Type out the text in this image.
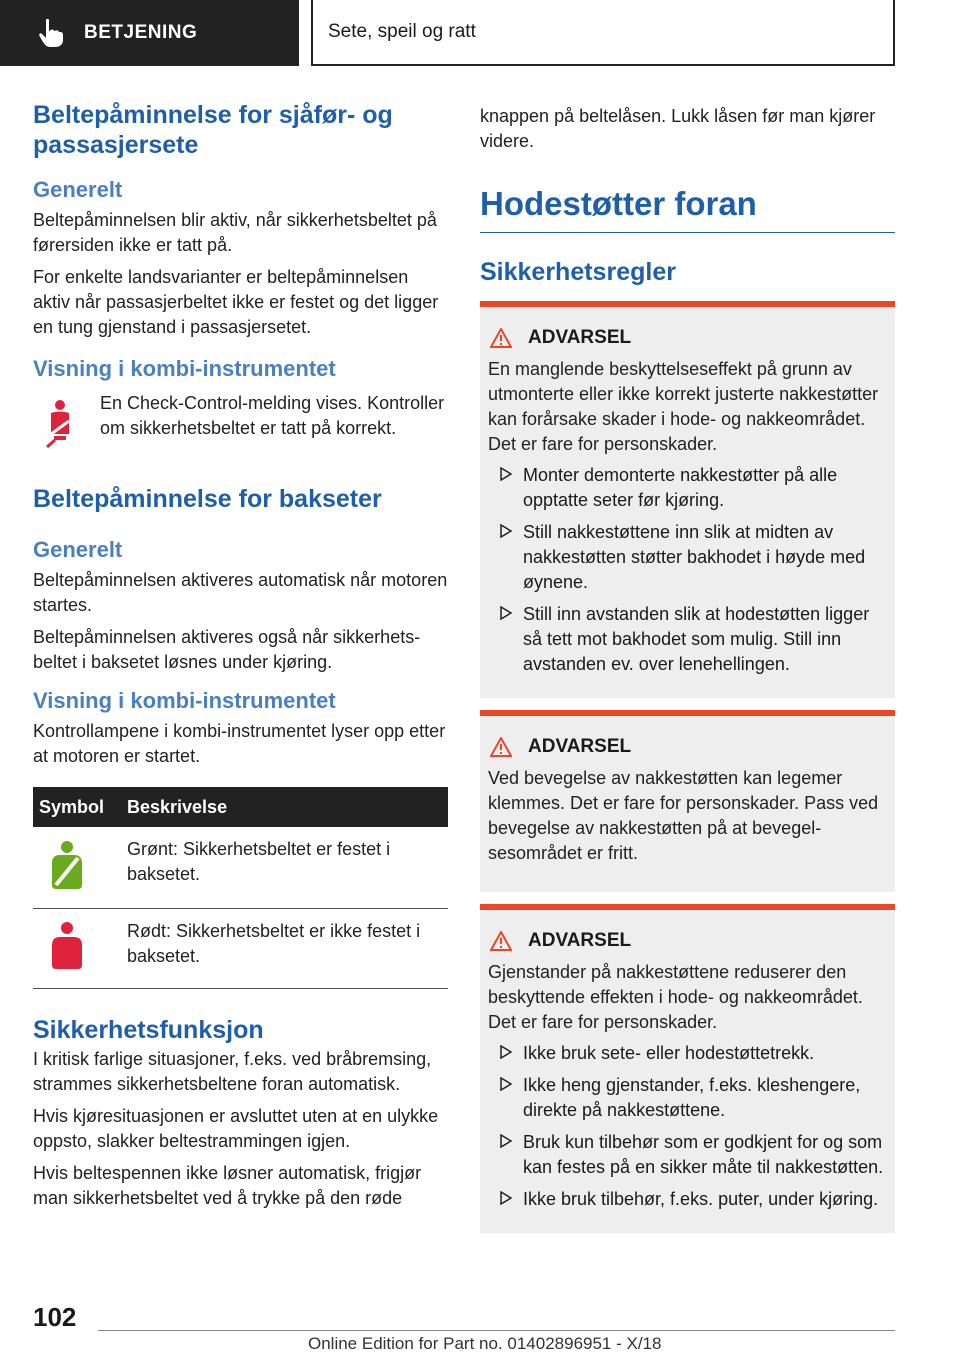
BETJENING	Sete, speil og ratt
Beltepåminnelse for sjåfør- og passasjersete
Generelt
Beltepåminnelsen blir aktiv, når sikkerhetsbeltet på førersiden ikke er tatt på.
For enkelte landsvarianter er beltepåminnelsen aktiv når passasjerbeltet ikke er festet og det ligger en tung gjenstand i passasjersetet.
Visning i kombi-instrumentet
En Check-Control-melding vises. Kontroller om sikkerhetsbeltet er tatt på korrekt.
Beltepåminnelse for bakseter
Generelt
Beltepåminnelsen aktiveres automatisk når motoren startes.
Beltepåminnelsen aktiveres også når sikkerhetsbeltet i baksetet løsnes under kjøring.
Visning i kombi-instrumentet
Kontrollampene i kombi-instrumentet lyser opp etter at motoren er startet.
Symbol	Beskrivelse
	Grønt: Sikkerhetsbeltet er festet i baksetet.
	Rødt: Sikkerhetsbeltet er ikke festet i baksetet.
Sikkerhetsfunksjon
I kritisk farlige situasjoner, f.eks. ved bråbremsing, strammes sikkerhetsbeltene foran automatisk.
Hvis kjøresituasjonen er avsluttet uten at en ulykke oppsto, slakker beltestrammingen igjen.
Hvis beltespennen ikke løsner automatisk, frigjør man sikkerhetsbeltet ved å trykke på den røde
knappen på beltelåsen. Lukk låsen før man kjører videre.
Hodestøtter foran
Sikkerhetsregler
ADVARSEL
En manglende beskyttelseseffekt på grunn av utmonterte eller ikke korrekt justerte nakkestøtter kan forårsake skader i hode- og nakkeområdet. Det er fare for personskader.
Monter demonterte nakkestøtter på alle opptatte seter før kjøring.
Still nakkestøttene inn slik at midten av nakkestøtten støtter bakhodet i høyde med øynene.
Still inn avstanden slik at hodestøtten ligger så tett mot bakhodet som mulig. Still inn avstanden ev. over lenehellingen.
ADVARSEL
Ved bevegelse av nakkestøtten kan legemer klemmes. Det er fare for personskader. Pass ved bevegelse av nakkestøtten på at bevegelsesområdet er fritt.
ADVARSEL
Gjenstander på nakkestøttene reduserer den beskyttende effekten i hode- og nakkeområdet. Det er fare for personskader.
Ikke bruk sete- eller hodestøttetrekk.
Ikke heng gjenstander, f.eks. kleshengere, direkte på nakkestøttene.
Bruk kun tilbehør som er godkjent for og som kan festes på en sikker måte til nakkestøtten.
Ikke bruk tilbehør, f.eks. puter, under kjøring.
102
Online Edition for Part no. 01402896951 - X/18
